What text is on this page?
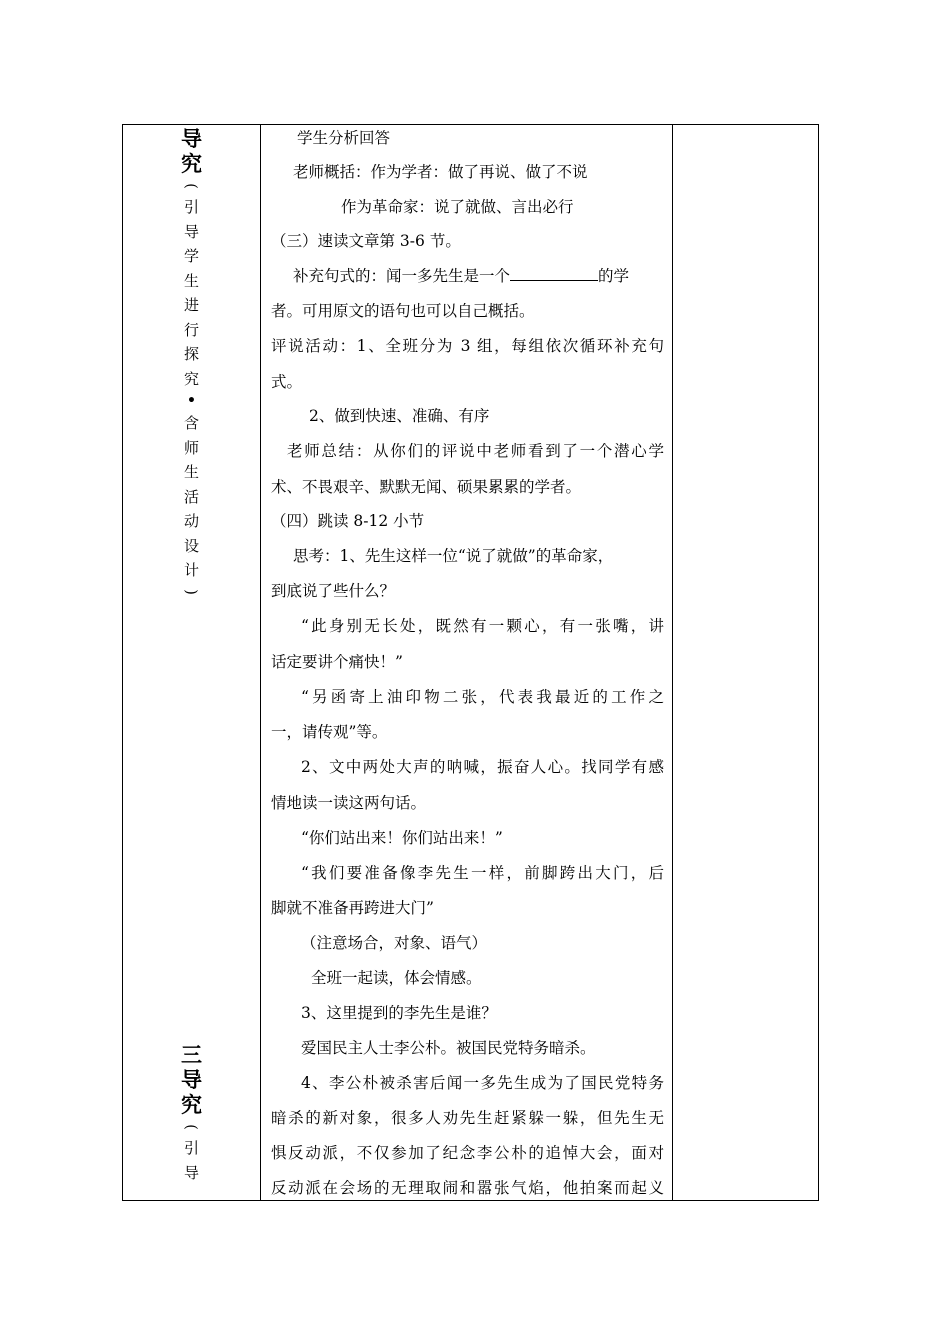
导
究
(
引
导
学
生
进
行
探
究
•
含
师
生
活
动
设
计
)
三
导
究
(
引
导
学生分析回答
老师概括：作为学者：做了再说、做了不说
作为革命家：说了就做、言出必行
（三）速读文章第 3-6 节。
补充句式的：闻一多先生是一个	的学
者。可用原文的语句也可以自己概括。
评说活动：1、全班分为 3 组，每组依次循环补充句
式。
2、做到快速、准确、有序
老师总结：从你们的评说中老师看到了一个潜心学
术、不畏艰辛、默默无闻、硕果累累的学者。
（四）跳读 8-12 小节
思考：1、先生这样一位“说了就做”的革命家，
到底说了些什么？
“此身别无长处，既然有一颗心，有一张嘴，讲
话定要讲个痛快！”
“另函寄上油印物二张，代表我最近的工作之
一，请传观”等。
2、文中两处大声的呐喊，振奋人心。找同学有感
情地读一读这两句话。
“你们站出来！你们站出来！”
“我们要准备像李先生一样，前脚跨出大门，后
脚就不准备再跨进大门”
（注意场合，对象、语气）
全班一起读，体会情感。
3、这里提到的李先生是谁？
爱国民主人士李公朴。被国民党特务暗杀。
4、李公朴被杀害后闻一多先生成为了国民党特务
暗杀的新对象，很多人劝先生赶紧躲一躲，但先生无
惧反动派，不仅参加了纪念李公朴的追悼大会，面对
反动派在会场的无理取闹和嚣张气焰，他拍案而起义
